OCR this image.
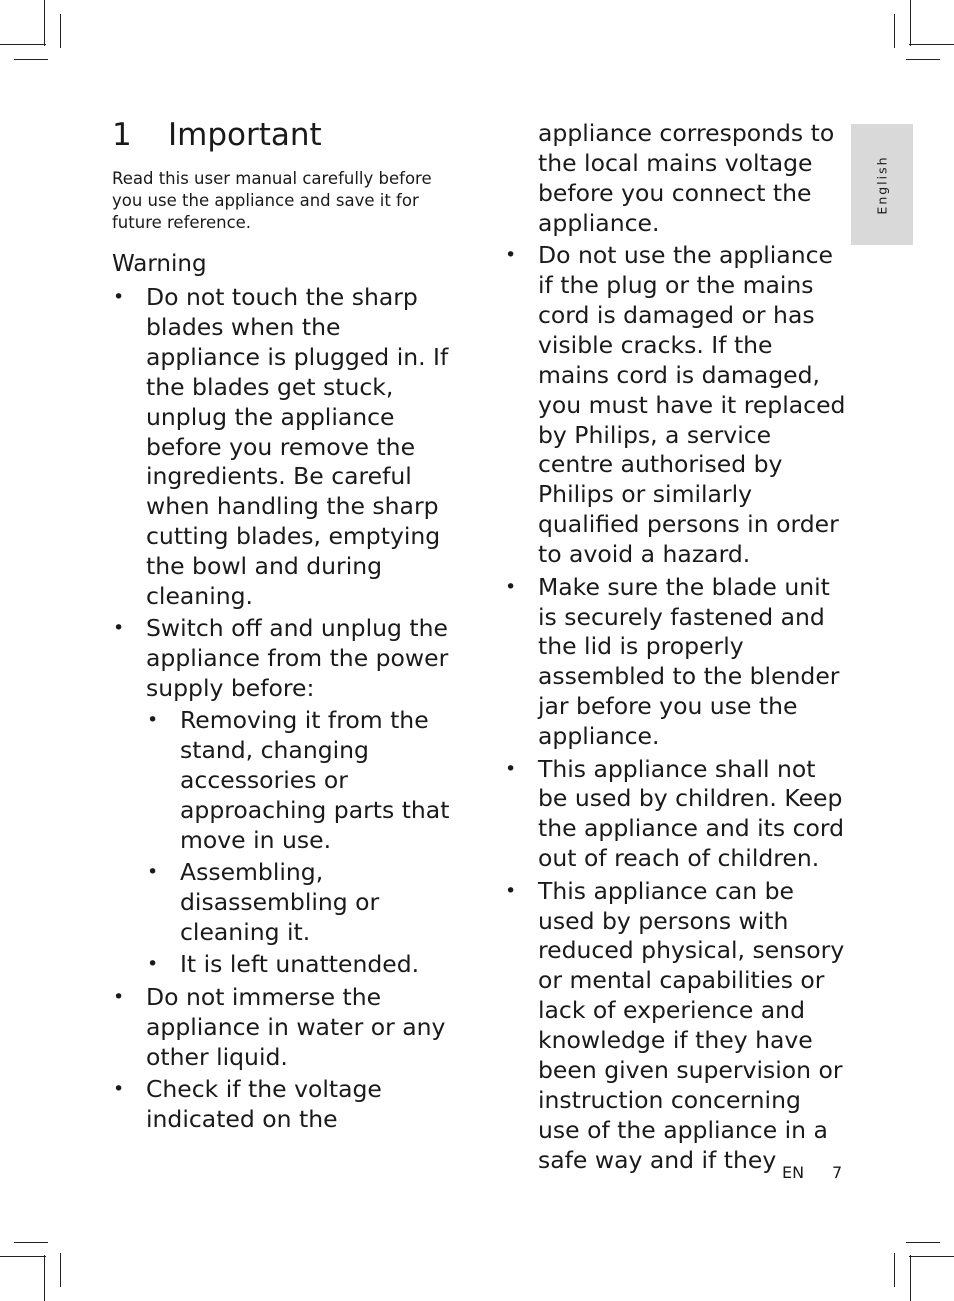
1 Important

Read this user manual carefully before you use the appliance and save it for future reference.

Warning
• Do not touch the sharp blades when the appliance is plugged in. If the blades get stuck, unplug the appliance before you remove the ingredients. Be careful when handling the sharp cutting blades, emptying the bowl and during cleaning.
• Switch off and unplug the appliance from the power supply before:
• Removing it from the stand, changing accessories or approaching parts that move in use.
• Assembling, disassembling or cleaning it.
• It is left unattended.
• Do not immerse the appliance in water or any other liquid.
• Check if the voltage indicated on the

appliance corresponds to the local mains voltage before you connect the appliance.

• Do not use the appliance if the plug or the mains cord is damaged or has visible cracks. If the mains cord is damaged, you must have it replaced by Philips, a service centre authorised by Philips or similarly qualified persons in order to avoid a hazard.
• Make sure the blade unit is securely fastened and the lid is properly assembled to the blender jar before you use the appliance.
• This appliance shall not be used by children. Keep the appliance and its cord out of reach of children.
• This appliance can be used by persons with reduced physical, sensory or mental capabilities or lack of experience and knowledge if they have been given supervision or instruction concerning use of the appliance in a safe way and if they
English
EN 7
